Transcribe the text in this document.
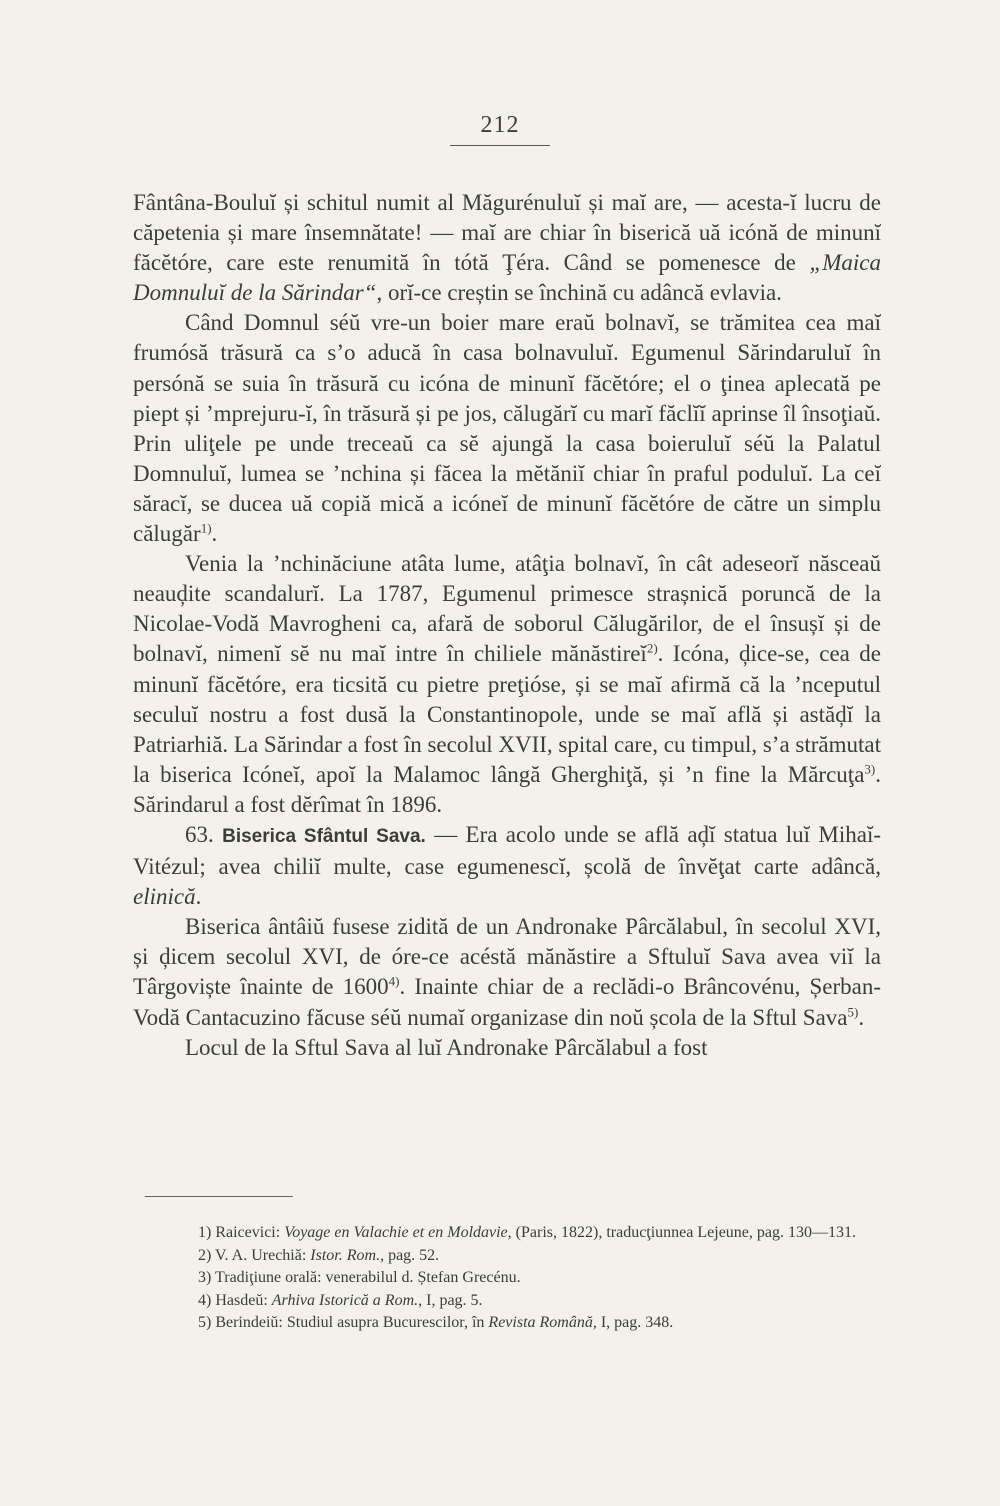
212

Fântâna-Bouluĭ și schitul numit al Măgurénuluĭ și maĭ are, — acesta-ĭ lucru de căpetenia și mare însemnătate! — maĭ are chiar în biserică uă icónă de minunĭ făcĕtóre, care este renumită în tótă Ţéra. Când se pomenesce de „Maica Domnuluĭ de la Sărindar“, orĭ-ce creștin se închină cu adâncă evlavia.

Când Domnul séŭ vre-un boier mare eraŭ bolnavĭ, se trămitea cea maĭ frumósă trăsură ca s’o aducă în casa bolnavuluĭ. Egumenul Sărindaruluĭ în persónă se suia în trăsură cu icóna de minunĭ făcĕtóre; el o ţinea aplecată pe piept și ’mprejuru-ĭ, în trăsură și pe jos, călugărĭ cu marĭ făclĭĭ aprinse îl însoţiaŭ. Prin uliţele pe unde treceaŭ ca sĕ ajungă la casa boieruluĭ séŭ la Palatul Domnuluĭ, lumea se ’nchina și făcea la mĕtăniĭ chiar în praful poduluĭ. La ceĭ săracĭ, se ducea uă copiă mică a icóneĭ de minunĭ făcĕtóre de către un simplu călugăr$^{1)}$.

Venia la ’nchinăciune atâta lume, atâţia bolnavĭ, în cât adeseorĭ născeaŭ neauḑite scandalurĭ. La 1787, Egumenul primesce strașnică poruncă de la Nicolae-Vodă Mavrogheni ca, afară de soborul Călugărilor, de el însușĭ și de bolnavĭ, nimenĭ sĕ nu maĭ intre în chiliele mănăstireĭ$^{2)}$. Icóna, ḑice-se, cea de minunĭ făcĕtóre, era ticsită cu pietre preţióse, și se maĭ afirmă că la ’nceputul seculuĭ nostru a fost dusă la Constantinopole, unde se maĭ află și astăḑĭ la Patriarhiă. La Sărindar a fost în secolul XVII, spital care, cu timpul, s’a strămutat la biserica Icóneĭ, apoĭ la Malamoc lângă Gherghiţă, și ’n fine la Mărcuţa$^{3)}$. Sărindarul a fost dĕrîmat în 1896.

63. Biserica Sfântul Sava. — Era acolo unde se află aḑĭ statua luĭ Mihaĭ-Vitézul; avea chiliĭ multe, case egumenescĭ, școlă de învĕţat carte adâncă, elinică.

Biserica ântâiŭ fusese zidită de un Andronake Pârcălabul, în secolul XVI, și ḑicem secolul XVI, de óre-ce acéstă mănăstire a Sftuluĭ Sava avea viĭ la Târgoviște înainte de 1600$^{4)}$. Inainte chiar de a reclădi-o Brâncovénu, Șerban-Vodă Cantacuzino făcuse séŭ numaĭ organizase din noŭ școla de la Sftul Sava$^{5)}$.

Locul de la Sftul Sava al luĭ Andronake Pârcălabul a fost

1) Raicevici: Voyage en Valachie et en Moldavie, (Paris, 1822), traducţiunnea Lejeune, pag. 130—131.

2) V. A. Urechiă: Istor. Rom., pag. 52.

3) Tradiţiune orală: venerabilul d. Ștefan Grecénu.

4) Hasdeŭ: Arhiva Istorică a Rom., I, pag. 5.

5) Berindeiŭ: Studiul asupra Bucurescilor, în Revista Română, I, pag. 348.
